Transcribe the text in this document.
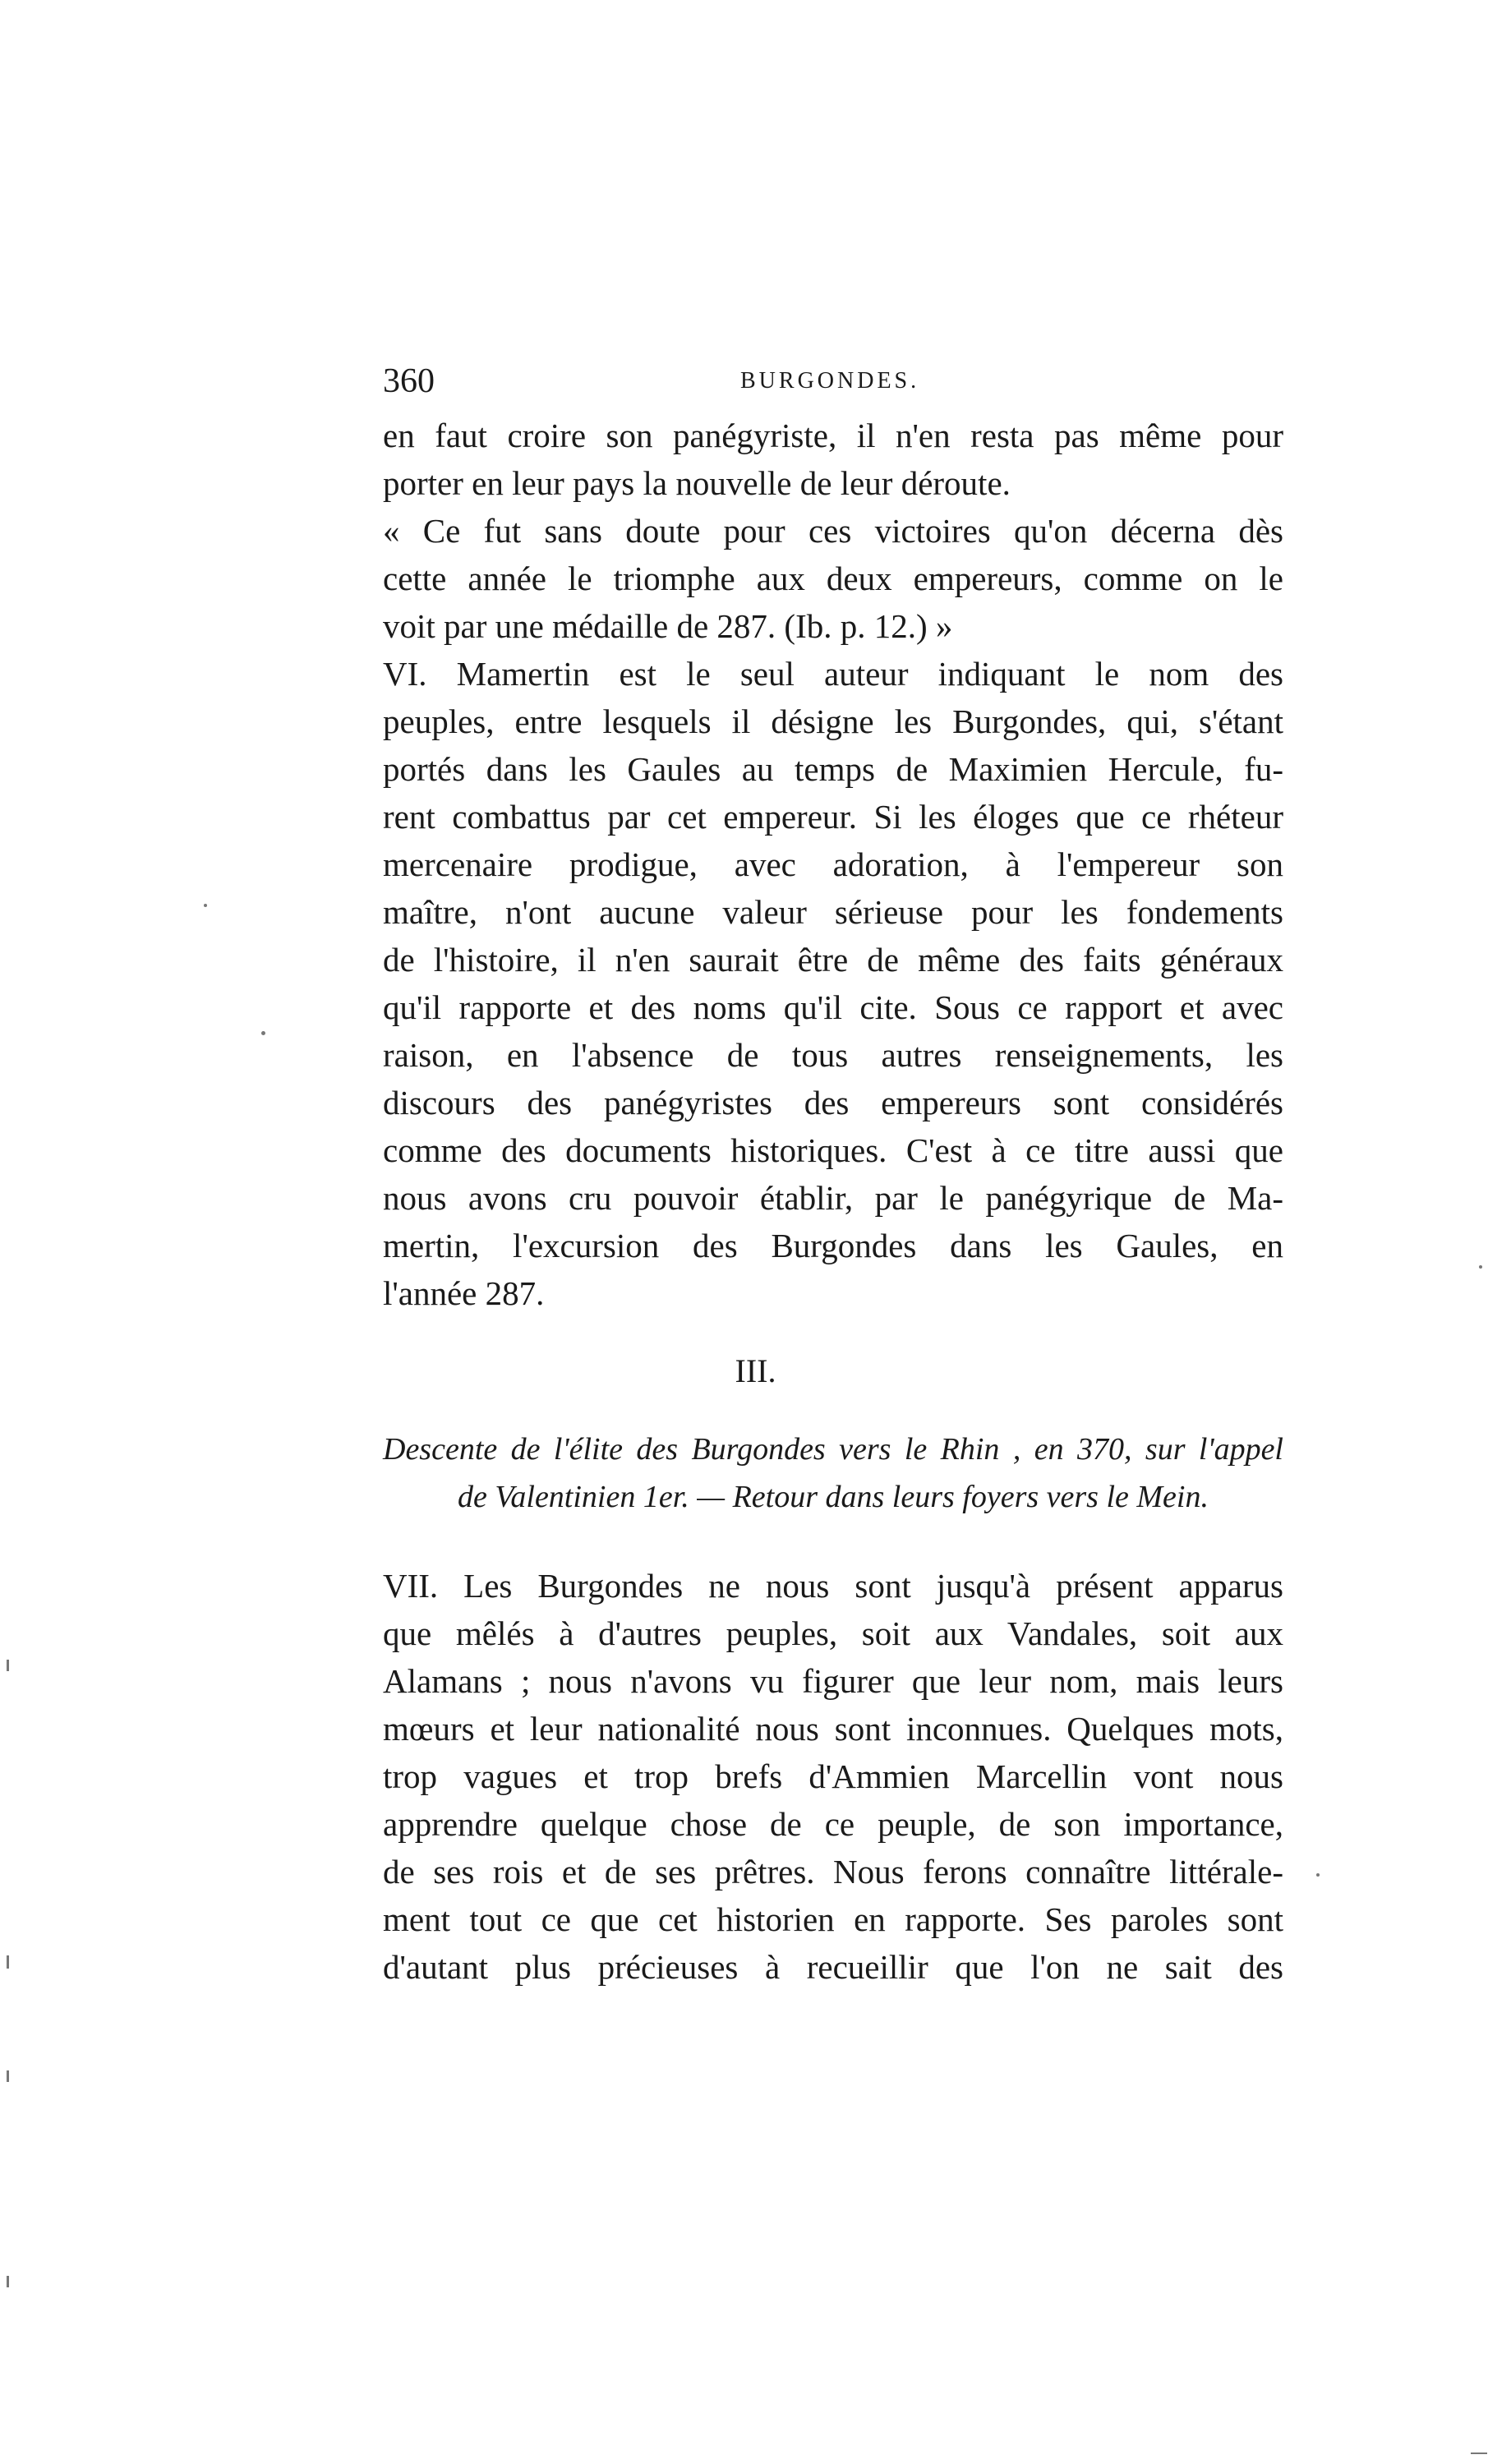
360	BURGONDES.
en faut croire son panégyriste, il n'en resta pas même pour
porter en leur pays la nouvelle de leur déroute.
« Ce fut sans doute pour ces victoires qu'on décerna dès
cette année le triomphe aux deux empereurs, comme on le
voit par une médaille de 287. (Ib. p. 12.) »
VI. Mamertin est le seul auteur indiquant le nom des
peuples, entre lesquels il désigne les Burgondes, qui, s'étant
portés dans les Gaules au temps de Maximien Hercule, fu-
rent combattus par cet empereur. Si les éloges que ce rhéteur
mercenaire prodigue, avec adoration, à l'empereur son
maître, n'ont aucune valeur sérieuse pour les fondements
de l'histoire, il n'en saurait être de même des faits généraux
qu'il rapporte et des noms qu'il cite. Sous ce rapport et avec
raison, en l'absence de tous autres renseignements, les
discours des panégyristes des empereurs sont considérés
comme des documents historiques. C'est à ce titre aussi que
nous avons cru pouvoir établir, par le panégyrique de Ma-
mertin, l'excursion des Burgondes dans les Gaules, en
l'année 287.
III.
Descente de l'élite des Burgondes vers le Rhin , en 370, sur l'appel
de Valentinien 1er. — Retour dans leurs foyers vers le Mein.
VII. Les Burgondes ne nous sont jusqu'à présent apparus
que mêlés à d'autres peuples, soit aux Vandales, soit aux
Alamans ; nous n'avons vu figurer que leur nom, mais leurs
mœurs et leur nationalité nous sont inconnues. Quelques mots,
trop vagues et trop brefs d'Ammien Marcellin vont nous
apprendre quelque chose de ce peuple, de son importance,
de ses rois et de ses prêtres. Nous ferons connaître littérale-
ment tout ce que cet historien en rapporte. Ses paroles sont
d'autant plus précieuses à recueillir que l'on ne sait des
